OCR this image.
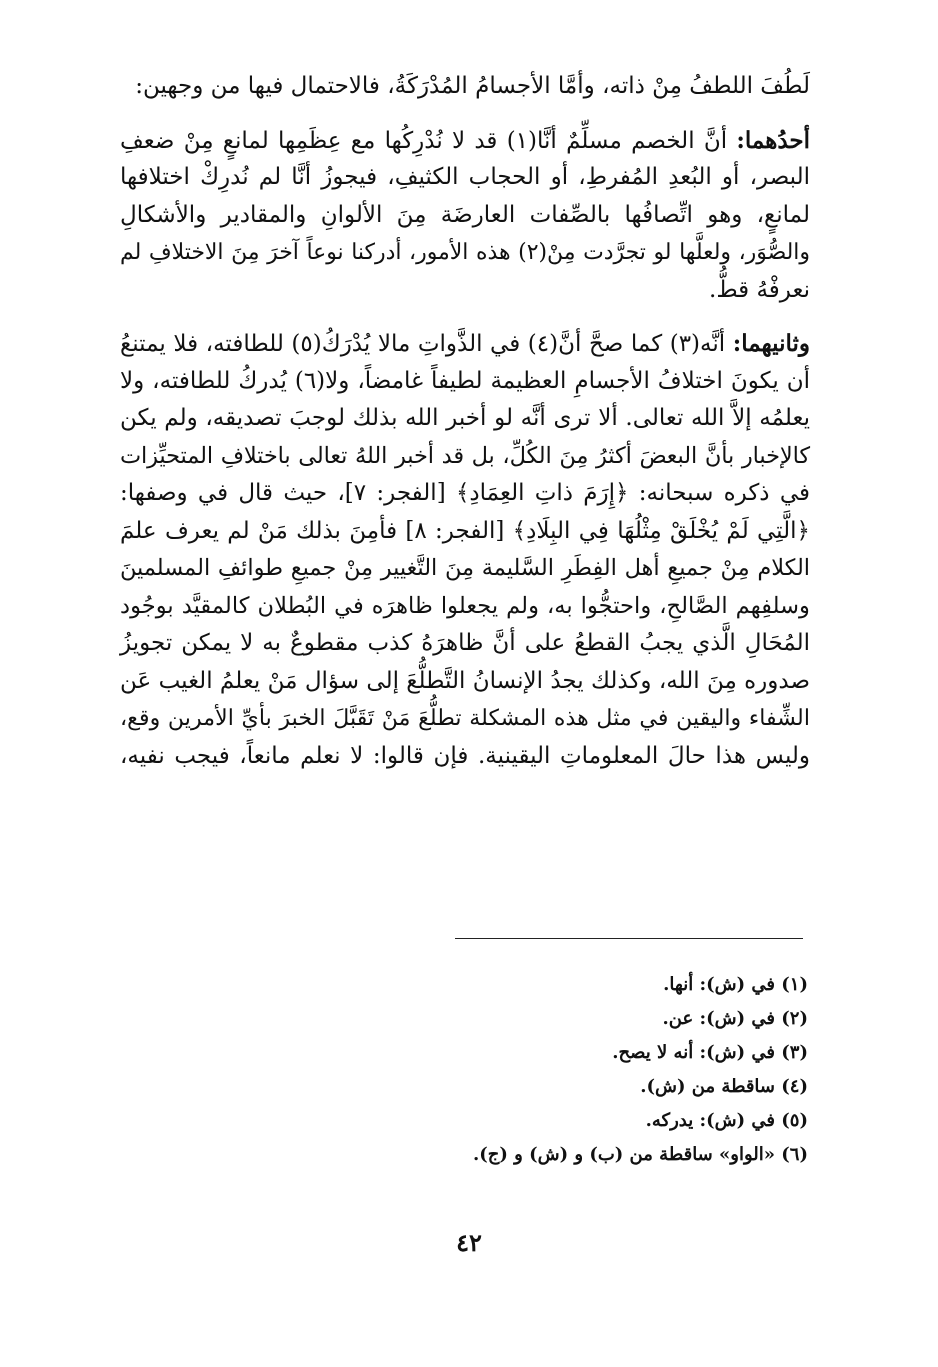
لَطُفَ اللطفُ مِنْ ذاته، وأمَّا الأجسامُ المُدْرَكَةُ، فالاحتمال فيها من وجهين:

أحدُهما: أنَّ الخصم مسلِّمٌ أنَّا(١) قد لا نُدْرِكُها مع عِظَمِها لمانعٍ مِنْ ضعفِ
البصر، أو البُعدِ المُفرطِ، أو الحجاب الكثيفِ، فيجوزُ أنَّا لم نُدرِكْ اختلافها
لمانعٍ، وهو اتِّصافُها بالصِّفات العارضَة مِنَ الألوانِ والمقادير والأشكالِ
والصُّوَر، ولعلَّها لو تجرَّدت مِنْ(٢) هذه الأمور، أدركنا نوعاً آخرَ مِنَ الاختلافِ لم
نعرفْهُ قطُّ.

وثانيهما: أنَّه(٣) كما صحَّ أنَّ(٤) في الذَّواتِ مالا يُدْرَكُ(٥) للطافته، فلا يمتنعُ
أن يكونَ اختلافُ الأجسامِ العظيمة لطيفاً غامضاً، ولا(٦) يُدركُ للطافته، ولا
يعلمُه إلاَّ الله تعالى. ألا ترى أنَّه لو أخبر الله بذلك لوجبَ تصديقه، ولم يكن
كالإخبار بأنَّ البعضَ أكثرُ مِنَ الكُلِّ، بل قد أخبر اللهُ تعالى باختلافِ المتحيِّزات
في ذكره سبحانه: ﴿إِرَمَ ذاتِ العِمَادِ﴾ [الفجر: ٧]، حيث قال في وصفها:
﴿الَّتِي لَمْ يُخْلَقْ مِثْلُهَا فِي البِلَادِ﴾ [الفجر: ٨] فأمِنَ بذلك مَنْ لم يعرف علمَ
الكلام مِنْ جميعِ أهل الفِطَرِ السَّليمة مِنَ التَّغيير مِنْ جميعِ طوائفِ المسلمينَ
وسلفِهم الصَّالحِ، واحتجُّوا به، ولم يجعلوا ظاهرَه في البُطلان كالمقيَّد بوجُود
المُحَالِ الَّذي يجبُ القطعُ على أنَّ ظاهرَهُ كذب مقطوعٌ به لا يمكن تجويزُ
صدوره مِنَ الله، وكذلك يجدُ الإنسانُ التَّطلُّعَ إلى سؤال مَنْ يعلمُ الغيب عَن
الشِّفاء واليقين في مثل هذه المشكلة تطلُّعَ مَنْ تَقَبَّلَ الخبرَ بأيِّ الأمرين وقع،
وليس هذا حالَ المعلوماتِ اليقينية. فإن قالوا: لا نعلم مانعاً، فيجب نفيه،

(١) في (ش): أنها.
(٢) في (ش): عن.
(٣) في (ش): أنه لا يصح.
(٤) ساقطة من (ش).
(٥) في (ش): يدركه.
(٦) «الواو» ساقطة من (ب) و (ش) و (ج).
٤٢
